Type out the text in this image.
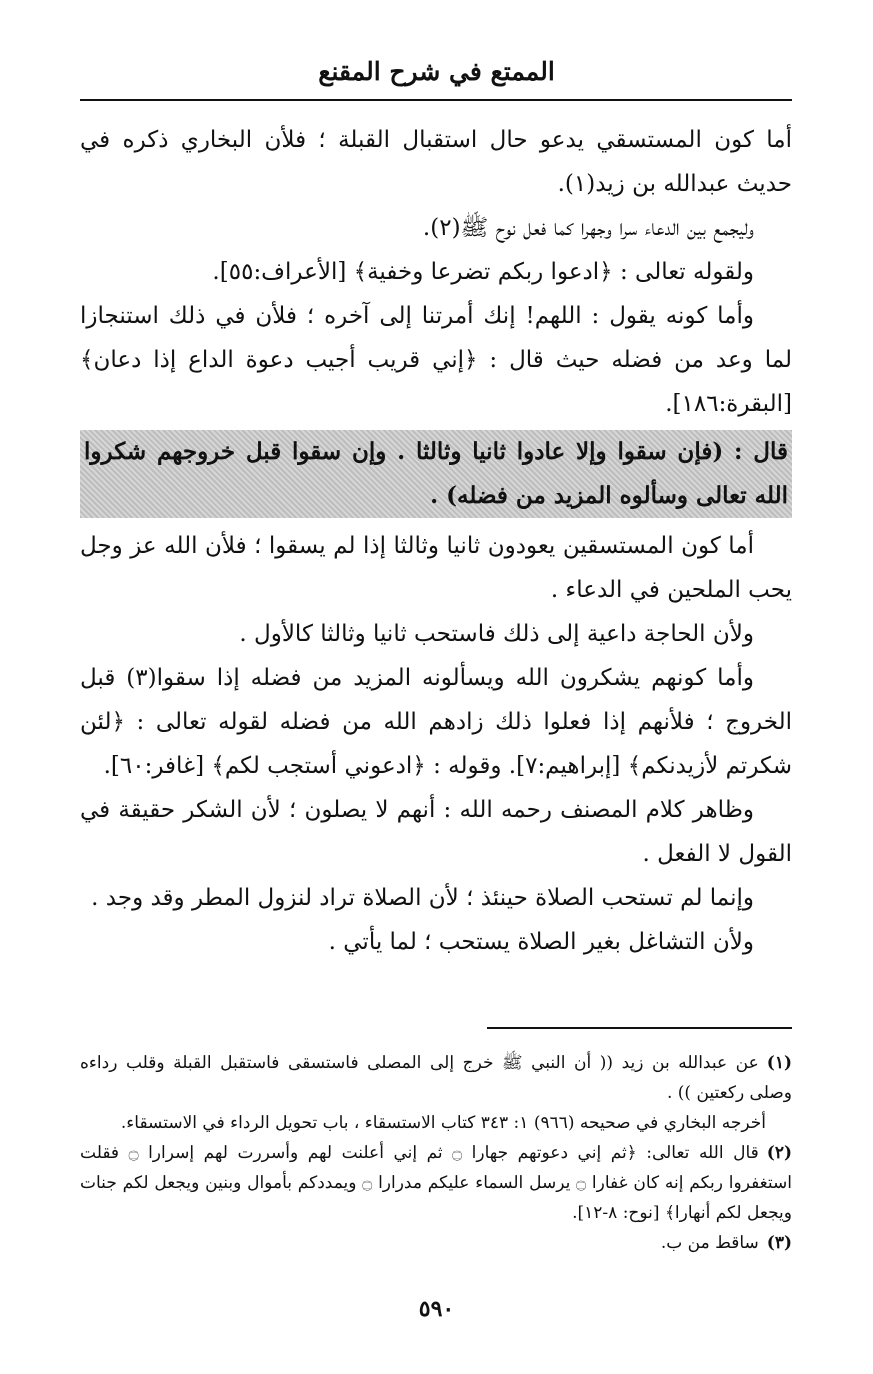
الممتع في شرح المقنع

أما كون المستسقي يدعو حال استقبال القبلة ؛ فلأن البخاري ذكره في حديث عبدالله بن زيد(١).

وليجمع بين الدعاء سرا وجهرا كما فعل نوح ﷺ(٢).

ولقوله تعالى : ﴿ادعوا ربكم تضرعا وخفية﴾ [الأعراف:٥٥].

وأما كونه يقول : اللهم! إنك أمرتنا إلى آخره ؛ فلأن في ذلك استنجازا لما وعد من فضله حيث قال : ﴿إني قريب أجيب دعوة الداع إذا دعان﴾ [البقرة:١٨٦].

قال : (فإن سقوا وإلا عادوا ثانيا وثالثا . وإن سقوا قبل خروجهم شكروا الله تعالى وسألوه المزيد من فضله) .

أما كون المستسقين يعودون ثانيا وثالثا إذا لم يسقوا ؛ فلأن الله عز وجل يحب الملحين في الدعاء .

ولأن الحاجة داعية إلى ذلك فاستحب ثانيا وثالثا كالأول .

وأما كونهم يشكرون الله ويسألونه المزيد من فضله إذا سقوا(٣) قبل الخروج ؛ فلأنهم إذا فعلوا ذلك زادهم الله من فضله لقوله تعالى : ﴿لئن شكرتم لأزيدنكم﴾ [إبراهيم:٧]. وقوله : ﴿ادعوني أستجب لكم﴾ [غافر:٦٠].

وظاهر كلام المصنف رحمه الله : أنهم لا يصلون ؛ لأن الشكر حقيقة في القول لا الفعل .

وإنما لم تستحب الصلاة حينئذ ؛ لأن الصلاة تراد لنزول المطر وقد وجد .

ولأن التشاغل بغير الصلاة يستحب ؛ لما يأتي .

(١)عن عبدالله بن زيد (( أن النبي ﷺ خرج إلى المصلى فاستسقى فاستقبل القبلة وقلب رداءه وصلى ركعتين )) .

أخرجه البخاري في صحيحه (٩٦٦) ١: ٣٤٣ كتاب الاستسقاء ، باب تحويل الرداء في الاستسقاء.

(٢)قال الله تعالى: ﴿ثم إني دعوتهم جهارا ۝ ثم إني أعلنت لهم وأسررت لهم إسرارا ۝ فقلت استغفروا ربكم إنه كان غفارا ۝ يرسل السماء عليكم مدرارا ۝ ويمددكم بأموال وبنين ويجعل لكم جنات ويجعل لكم أنهارا﴾ [نوح: ٨-١٢].

(٣)ساقط من ب.

٥٩٠
